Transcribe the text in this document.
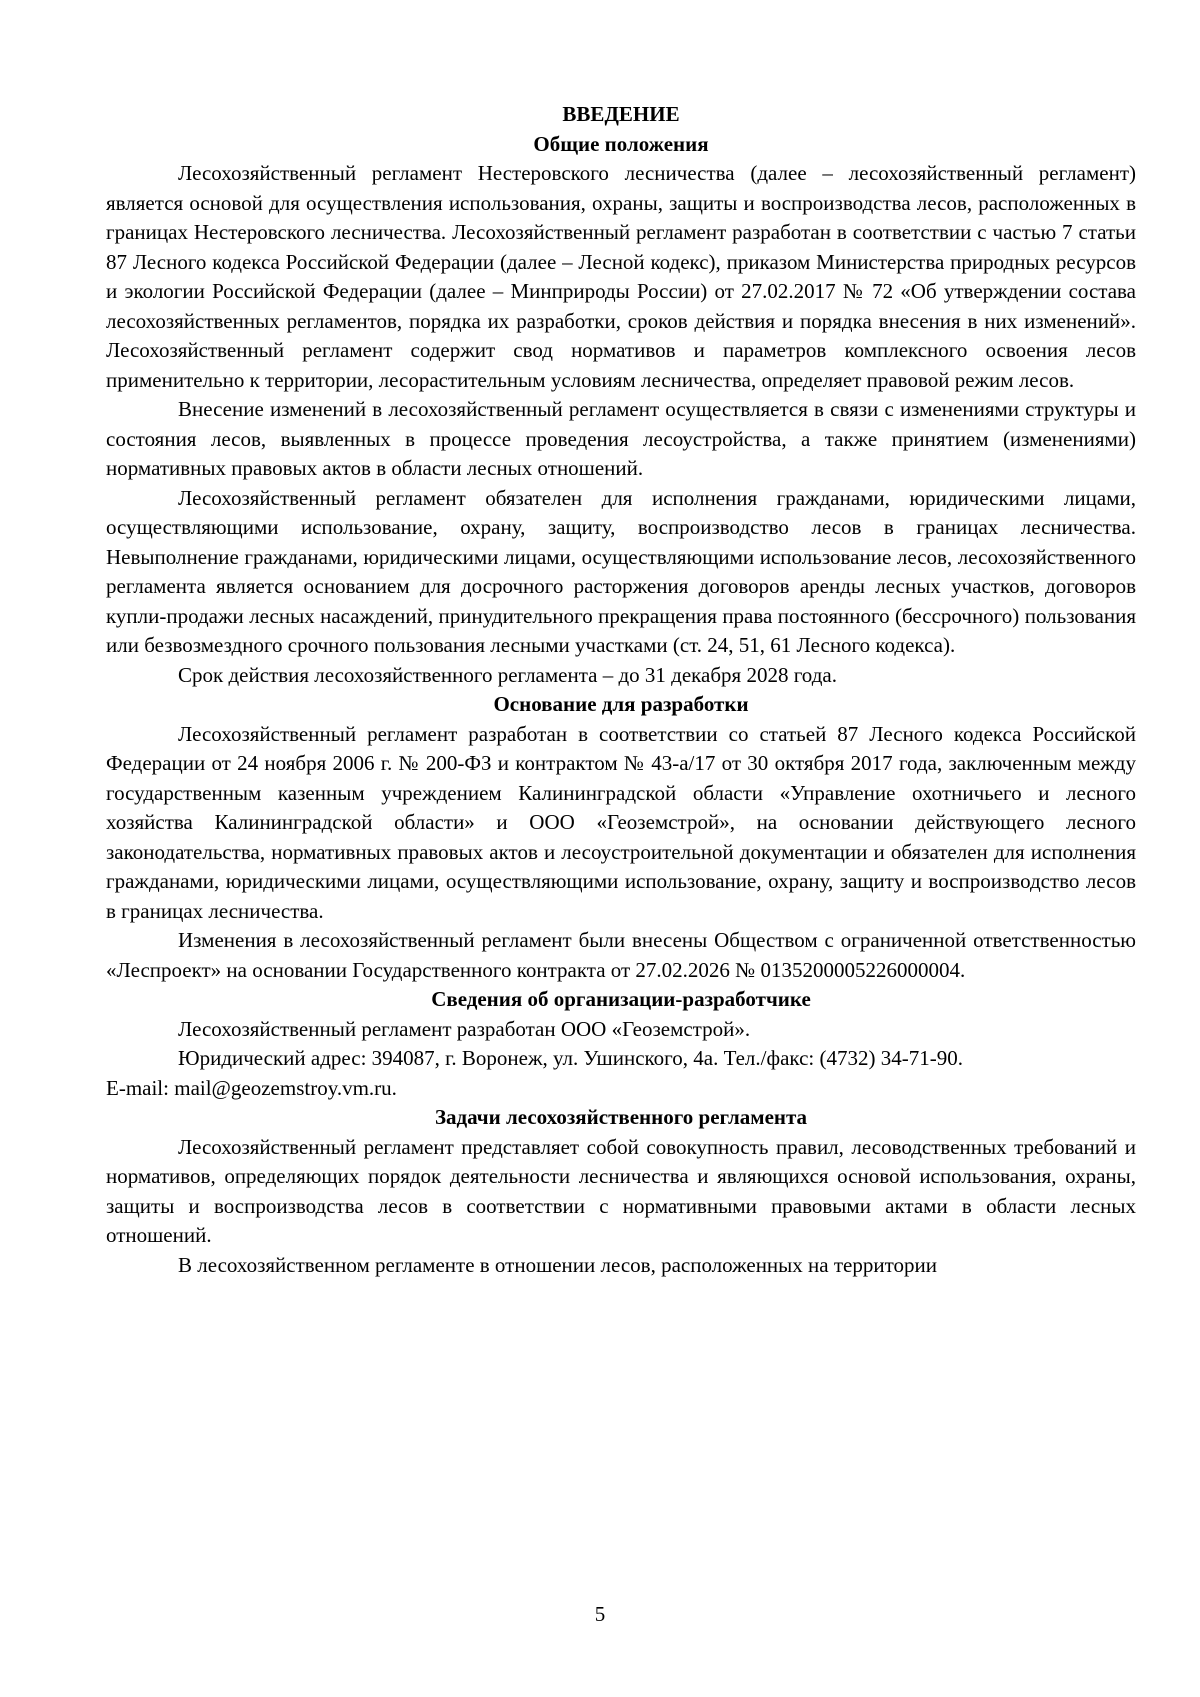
ВВЕДЕНИЕ
Общие положения

Лесохозяйственный регламент Нестеровского лесничества (далее – лесохозяйственный регламент) является основой для осуществления использования, охраны, защиты и воспроизводства лесов, расположенных в границах Нестеровского лесничества. Лесохозяйственный регламент разработан в соответствии с частью 7 статьи 87 Лесного кодекса Российской Федерации (далее – Лесной кодекс), приказом Министерства природных ресурсов и экологии Российской Федерации (далее – Минприроды России) от 27.02.2017 № 72 «Об утверждении состава лесохозяйственных регламентов, порядка их разработки, сроков действия и порядка внесения в них изменений». Лесохозяйственный регламент содержит свод нормативов и параметров комплексного освоения лесов применительно к территории, лесорастительным условиям лесничества, определяет правовой режим лесов.

Внесение изменений в лесохозяйственный регламент осуществляется в связи с изменениями структуры и состояния лесов, выявленных в процессе проведения лесоустройства, а также принятием (изменениями) нормативных правовых актов в области лесных отношений.

Лесохозяйственный регламент обязателен для исполнения гражданами, юридическими лицами, осуществляющими использование, охрану, защиту, воспроизводство лесов в границах лесничества. Невыполнение гражданами, юридическими лицами, осуществляющими использование лесов, лесохозяйственного регламента является основанием для досрочного расторжения договоров аренды лесных участков, договоров купли-продажи лесных насаждений, принудительного прекращения права постоянного (бессрочного) пользования или безвозмездного срочного пользования лесными участками (ст. 24, 51, 61 Лесного кодекса).

Срок действия лесохозяйственного регламента – до 31 декабря 2028 года.

Основание для разработки

Лесохозяйственный регламент разработан в соответствии со статьей 87 Лесного кодекса Российской Федерации от 24 ноября 2006 г. № 200-ФЗ и контрактом № 43-а/17 от 30 октября 2017 года, заключенным между государственным казенным учреждением Калининградской области «Управление охотничьего и лесного хозяйства Калининградской области» и ООО «Геоземстрой», на основании действующего лесного законодательства, нормативных правовых актов и лесоустроительной документации и обязателен для исполнения гражданами, юридическими лицами, осуществляющими использование, охрану, защиту и воспроизводство лесов в границах лесничества.

Изменения в лесохозяйственный регламент были внесены Обществом с ограниченной ответственностью «Леспроект» на основании Государственного контракта от 27.02.2026 № 0135200005226000004.

Сведения об организации-разработчике

Лесохозяйственный регламент разработан ООО «Геоземстрой».

Юридический адрес: 394087, г. Воронеж, ул. Ушинского, 4а. Тел./факс: (4732) 34-71-90.

E-mail: mail@geozemstroy.vm.ru.

Задачи лесохозяйственного регламента

Лесохозяйственный регламент представляет собой совокупность правил, лесоводственных требований и нормативов, определяющих порядок деятельности лесничества и являющихся основой использования, охраны, защиты и воспроизводства лесов в соответствии с нормативными правовыми актами в области лесных отношений.

В лесохозяйственном регламенте в отношении лесов, расположенных на территории

5
